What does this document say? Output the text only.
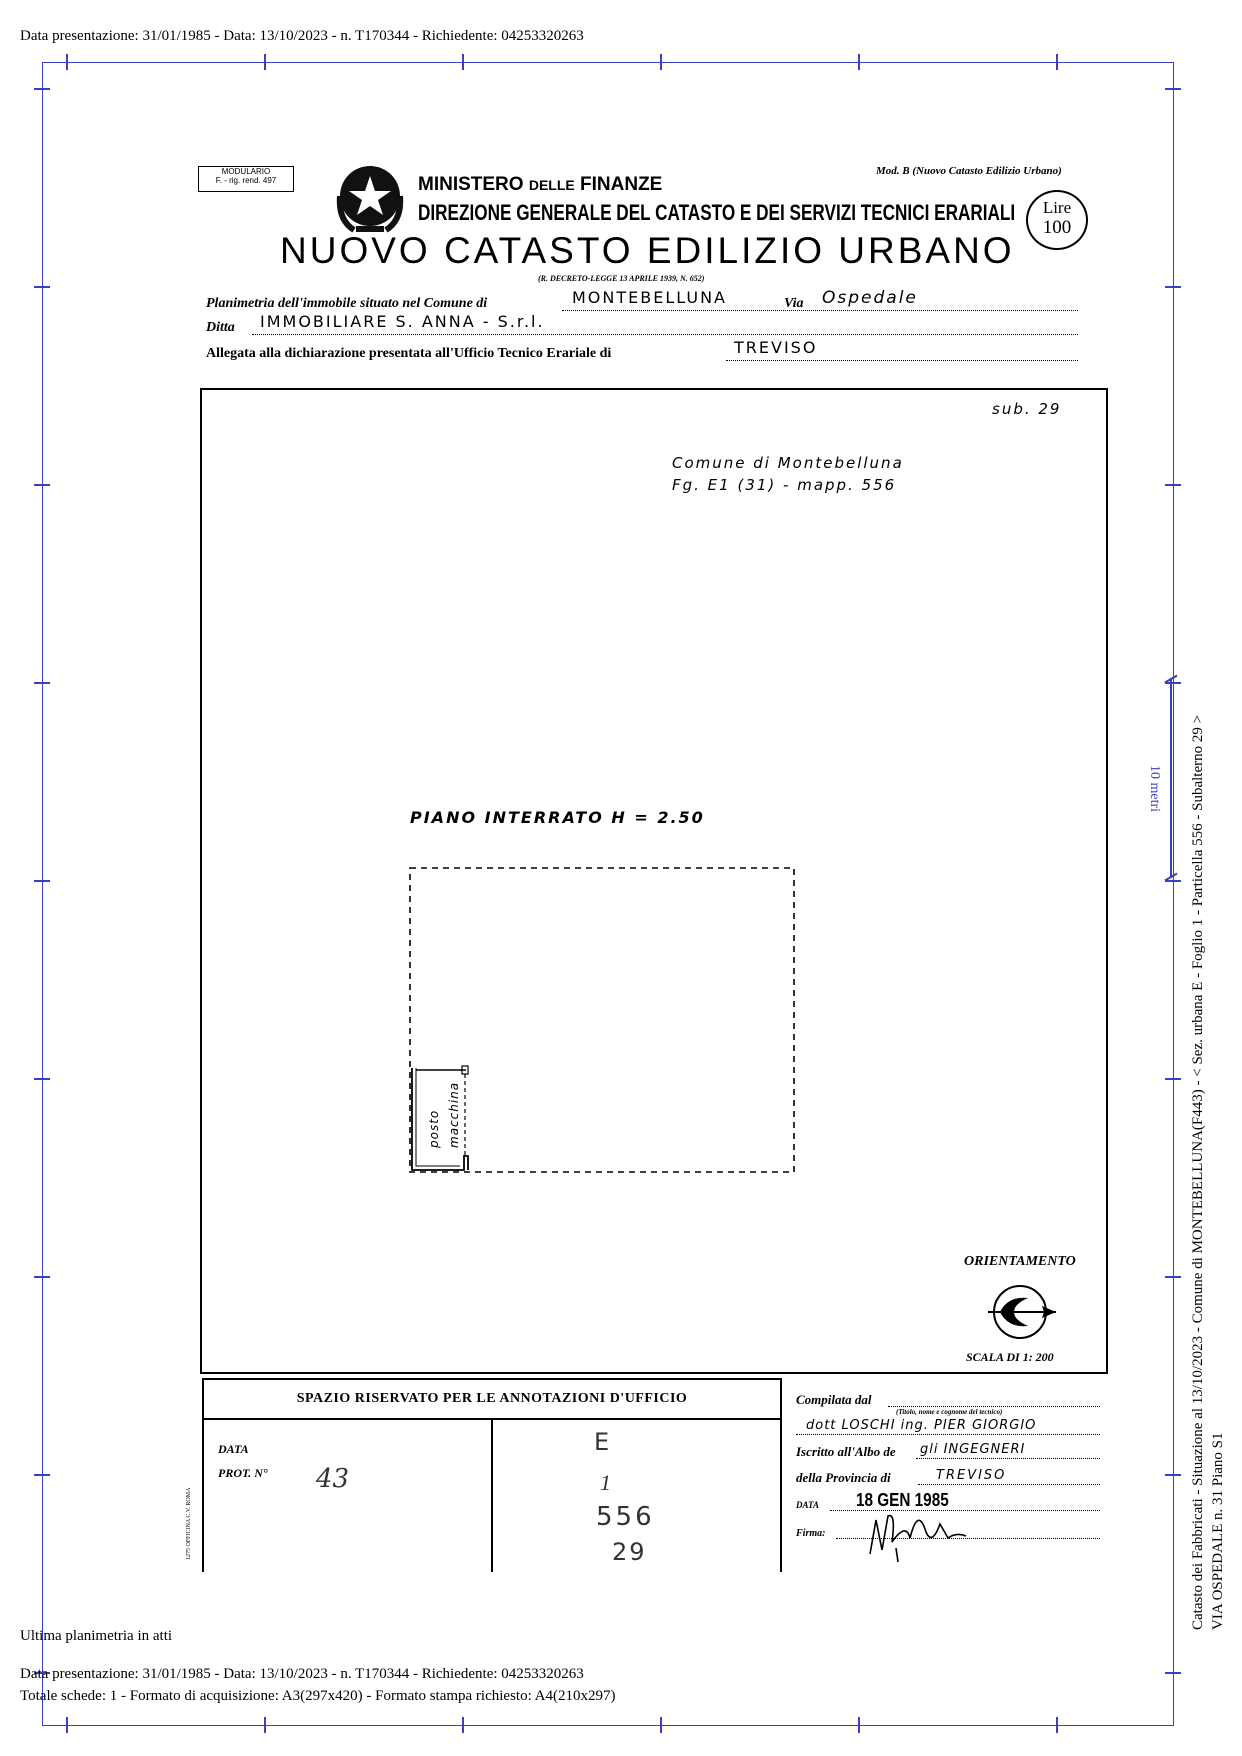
Data presentazione: 31/01/1985 - Data: 13/10/2023 - n. T170344 - Richiedente: 04253320263
MODULARIO
F. - rig. rend. 497	MINISTERO DELLE FINANZE
DIREZIONE GENERALE DEL CATASTO E DEI SERVIZI TECNICI ERARIALI
Mod. B (Nuovo Catasto Edilizio Urbano)
Lire
100
NUOVO CATASTO EDILIZIO URBANO
(R. DECRETO-LEGGE 13 APRILE 1939, N. 652)
Planimetria dell'immobile situato nel Comune di	MONTEBELLUNA	Via Ospedale
Ditta IMMOBILIARE S. ANNA - S.r.l.
Allegata alla dichiarazione presentata all'Ufficio Tecnico Erariale di	TREVISO
sub. 29
Comune di Montebelluna
Fg. E1 (31) - mapp. 556
PIANO INTERRATO H = 2.50
posto macchina
ORIENTAMENTO
SCALA DI 1: 200
SPAZIO RISERVATO PER LE ANNOTAZIONI D'UFFICIO
DATA
PROT. N° 43
E
1
556
29
1275 OFFICINA C.V. ROMA
Compilata dal
(Titolo, nome e cognome del tecnico)
dott LOSCHI ing. PIER GIORGIO
Iscritto all'Albo de gli INGEGNERI
della Provincia di	TREVISO
DATA 18 GEN 1985
Firma:	Catasto dei Fabbricati - Situazione al 13/10/2023 - Comune di MONTEBELLUNA(F443) - < Sez. urbana E - Foglio 1 - Particella 556 - Subalterno 29 > VIA OSPEDALE n. 31 Piano S1
10 metri
Ultima planimetria in atti
Data presentazione: 31/01/1985 - Data: 13/10/2023 - n. T170344 - Richiedente: 04253320263
Totale schede: 1 - Formato di acquisizione: A3(297x420) - Formato stampa richiesto: A4(210x297)
